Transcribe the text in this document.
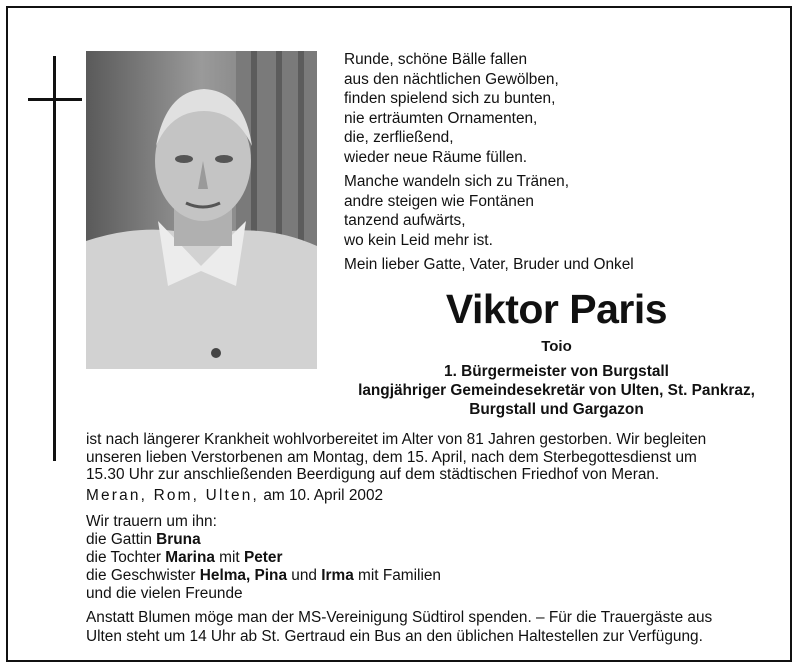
Runde, schöne Bälle fallen
aus den nächtlichen Gewölben,
finden spielend sich zu bunten,
nie erträumten Ornamenten,
die, zerfließend,
wieder neue Räume füllen.
Manche wandeln sich zu Tränen,
andre steigen wie Fontänen
tanzend aufwärts,
wo kein Leid mehr ist.
Mein lieber Gatte, Vater, Bruder und Onkel
Viktor Paris
Toio
1. Bürgermeister von Burgstall
langjähriger Gemeindesekretär von Ulten, St. Pankraz,
Burgstall und Gargazon
ist nach längerer Krankheit wohlvorbereitet im Alter von 81 Jahren gestorben. Wir begleiten
unseren lieben Verstorbenen am Montag, dem 15. April, nach dem Sterbegottesdienst um
15.30 Uhr zur anschließenden Beerdigung auf dem städtischen Friedhof von Meran.
Meran, Rom, Ulten, am 10. April 2002
Wir trauern um ihn:
die Gattin Bruna
die Tochter Marina mit Peter
die Geschwister Helma, Pina und Irma mit Familien
und die vielen Freunde
Anstatt Blumen möge man der MS-Vereinigung Südtirol spenden. – Für die Trauergäste aus
Ulten steht um 14 Uhr ab St. Gertraud ein Bus an den üblichen Haltestellen zur Verfügung.
